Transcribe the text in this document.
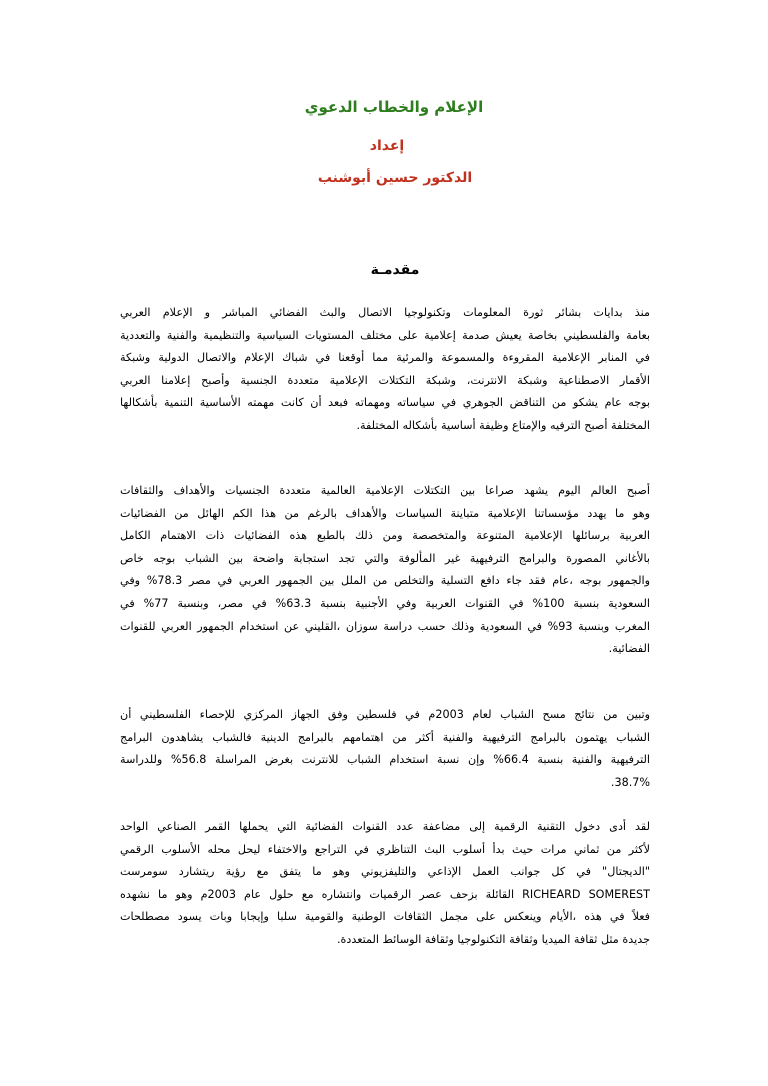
الإعلام والخطاب الدعوي
إعداد
الدكتور حسين أبوشنب
مقدمـة
منذ بدايات بشائر ثورة المعلومات وتكنولوجيا الاتصال والبث الفضائي المباشر و الإعلام العربي
بعامة والفلسطيني بخاصة يعيش صدمة إعلامية على مختلف المستويات السياسية والتنظيمية والفنية والتعددية
في المنابر الإعلامية المقروءة والمسموعة والمرئية مما أوقعنا في شباك الإعلام والاتصال الدولية وشبكة
الأقمار الاصطناعية وشبكة الانترنت، وشبكة التكتلات الإعلامية متعددة الجنسية وأصبح إعلامنا العربي
بوجه عام يشكو من التناقض الجوهري في سياساته ومهماته فبعد أن كانت مهمته الأساسية التنمية بأشكالها
المختلفة أصبح الترفيه والإمتاع وظيفة أساسية بأشكاله المختلفة.
أصبح العالم اليوم يشهد صراعا بين التكتلات الإعلامية العالمية متعددة الجنسيات والأهداف والثقافات
وهو ما يهدد مؤسساتنا الإعلامية متباينة السياسات والأهداف بالرغم من هذا الكم الهائل من الفضائيات
العربية برسائلها الإعلامية المتنوعة والمتخصصة ومن ذلك بالطبع هذه الفضائيات ذات الاهتمام الكامل
بالأغاني المصورة والبرامج الترفيهية غير المألوفة والتي تجد استجابة واضحة بين الشباب بوجه خاص
والجمهور بوجه ،عام فقد جاء دافع التسلية والتخلص من الملل بين الجمهور العربي في مصر 78.3% وفي
السعودية بنسبة 100% في القنوات العربية وفي الأجنبية بنسبة 63.3% في مصر، وبنسبة 77% في
المغرب وبنسبة 93% في السعودية وذلك حسب دراسة سوزان ،القليني عن استخدام الجمهور العربي للقنوات
الفضائية.
وتبين من نتائج مسح الشباب لعام 2003م في فلسطين وفق الجهاز المركزي للإحصاء الفلسطيني أن
الشباب يهتمون بالبرامج الترفيهية والفنية أكثر من اهتمامهم بالبرامج الدينية فالشباب يشاهدون البرامج
الترفيهية والفنية بنسبة 66.4% وإن نسبة استخدام الشباب للانترنت بغرض المراسلة 56.8% وللدراسة
38.7%.
لقد أدى دخول التقنية الرقمية إلى مضاعفة عدد القنوات الفضائية التي يحملها القمر الصناعي الواحد
لأكثر من ثماني مرات حيث بدأ أسلوب البث التناظري في التراجع والاختفاء ليحل محله الأسلوب الرقمي
"الديجتال" في كل جوانب العمل الإذاعي والتليفزيوني وهو ما يتفق مع رؤية ريتشارد سومرست
RICHEARD SOMEREST القائلة بزحف عصر الرقميات وانتشاره مع حلول عام 2003م وهو ما نشهده
فعلاً في هذه ،الأيام وينعكس على مجمل الثقافات الوطنية والقومية سلبا وإيجابا وبات يسود مصطلحات
جديدة مثل ثقافة الميديا وثقافة التكنولوجيا وثقافة الوسائط المتعددة.
